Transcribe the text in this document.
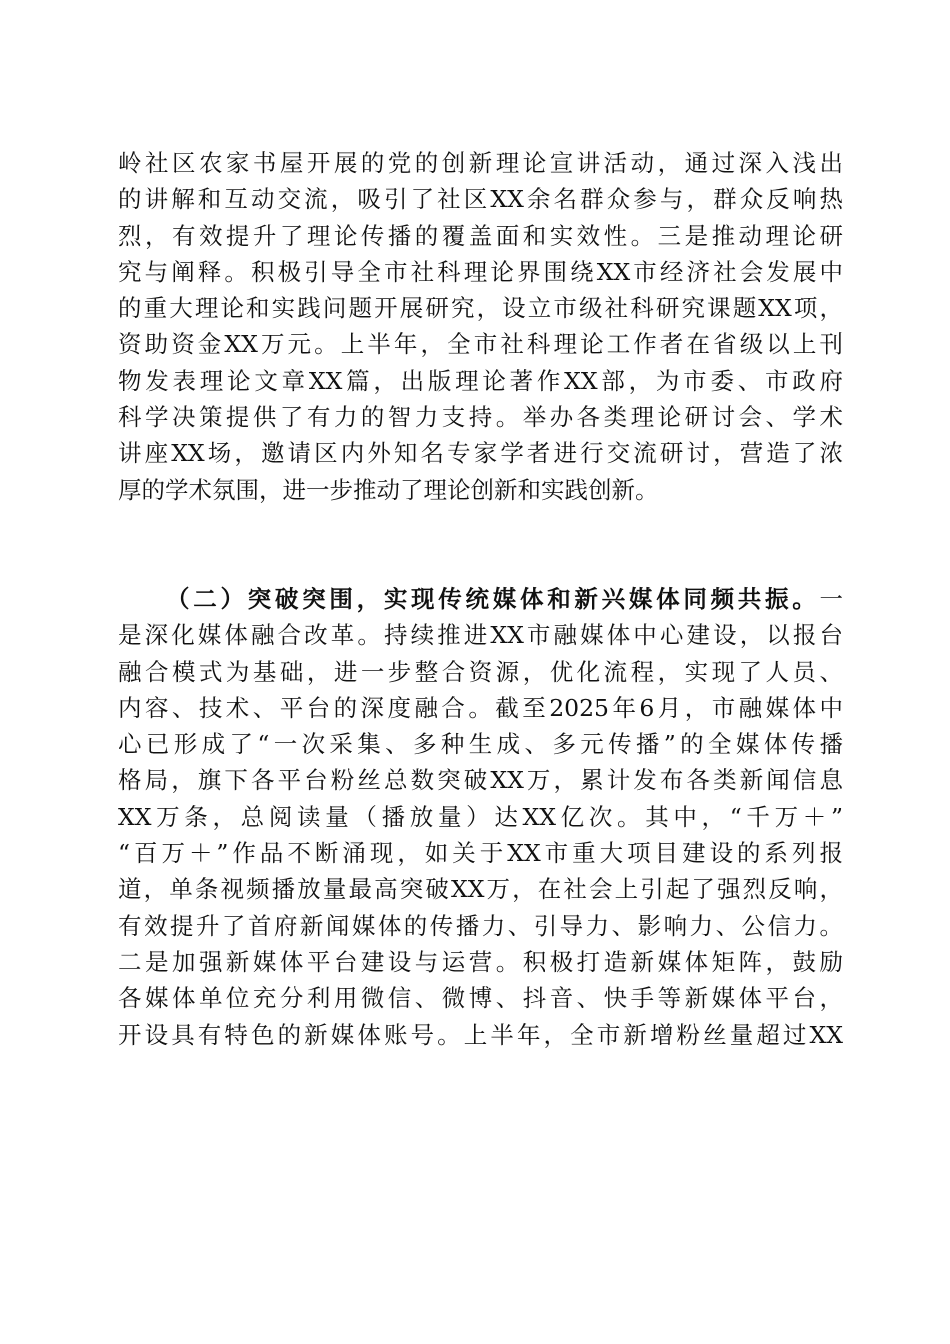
岭社区农家书屋开展的党的创新理论宣讲活动，通过深入浅出
的讲解和互动交流，吸引了社区XX余名群众参与，群众反响热
烈，有效提升了理论传播的覆盖面和实效性。三是推动理论研
究与阐释。积极引导全市社科理论界围绕XX市经济社会发展中
的重大理论和实践问题开展研究，设立市级社科研究课题XX项，
资助资金XX万元。上半年，全市社科理论工作者在省级以上刊
物发表理论文章XX篇，出版理论著作XX部，为市委、市政府
科学决策提供了有力的智力支持。举办各类理论研讨会、学术
讲座XX场，邀请区内外知名专家学者进行交流研讨，营造了浓
厚的学术氛围，进一步推动了理论创新和实践创新。
（二）突破突围，实现传统媒体和新兴媒体同频共振。一
是深化媒体融合改革。持续推进XX市融媒体中心建设，以报台
融合模式为基础，进一步整合资源，优化流程，实现了人员、
内容、技术、平台的深度融合。截至2025年6月，市融媒体中
心已形成了“一次采集、多种生成、多元传播”的全媒体传播
格局，旗下各平台粉丝总数突破XX万，累计发布各类新闻信息
XX万条，总阅读量（播放量）达XX亿次。其中，“千万＋”
“百万＋”作品不断涌现，如关于XX市重大项目建设的系列报
道，单条视频播放量最高突破XX万，在社会上引起了强烈反响，
有效提升了首府新闻媒体的传播力、引导力、影响力、公信力。
二是加强新媒体平台建设与运营。积极打造新媒体矩阵，鼓励
各媒体单位充分利用微信、微博、抖音、快手等新媒体平台，
开设具有特色的新媒体账号。上半年，全市新增粉丝量超过XX
